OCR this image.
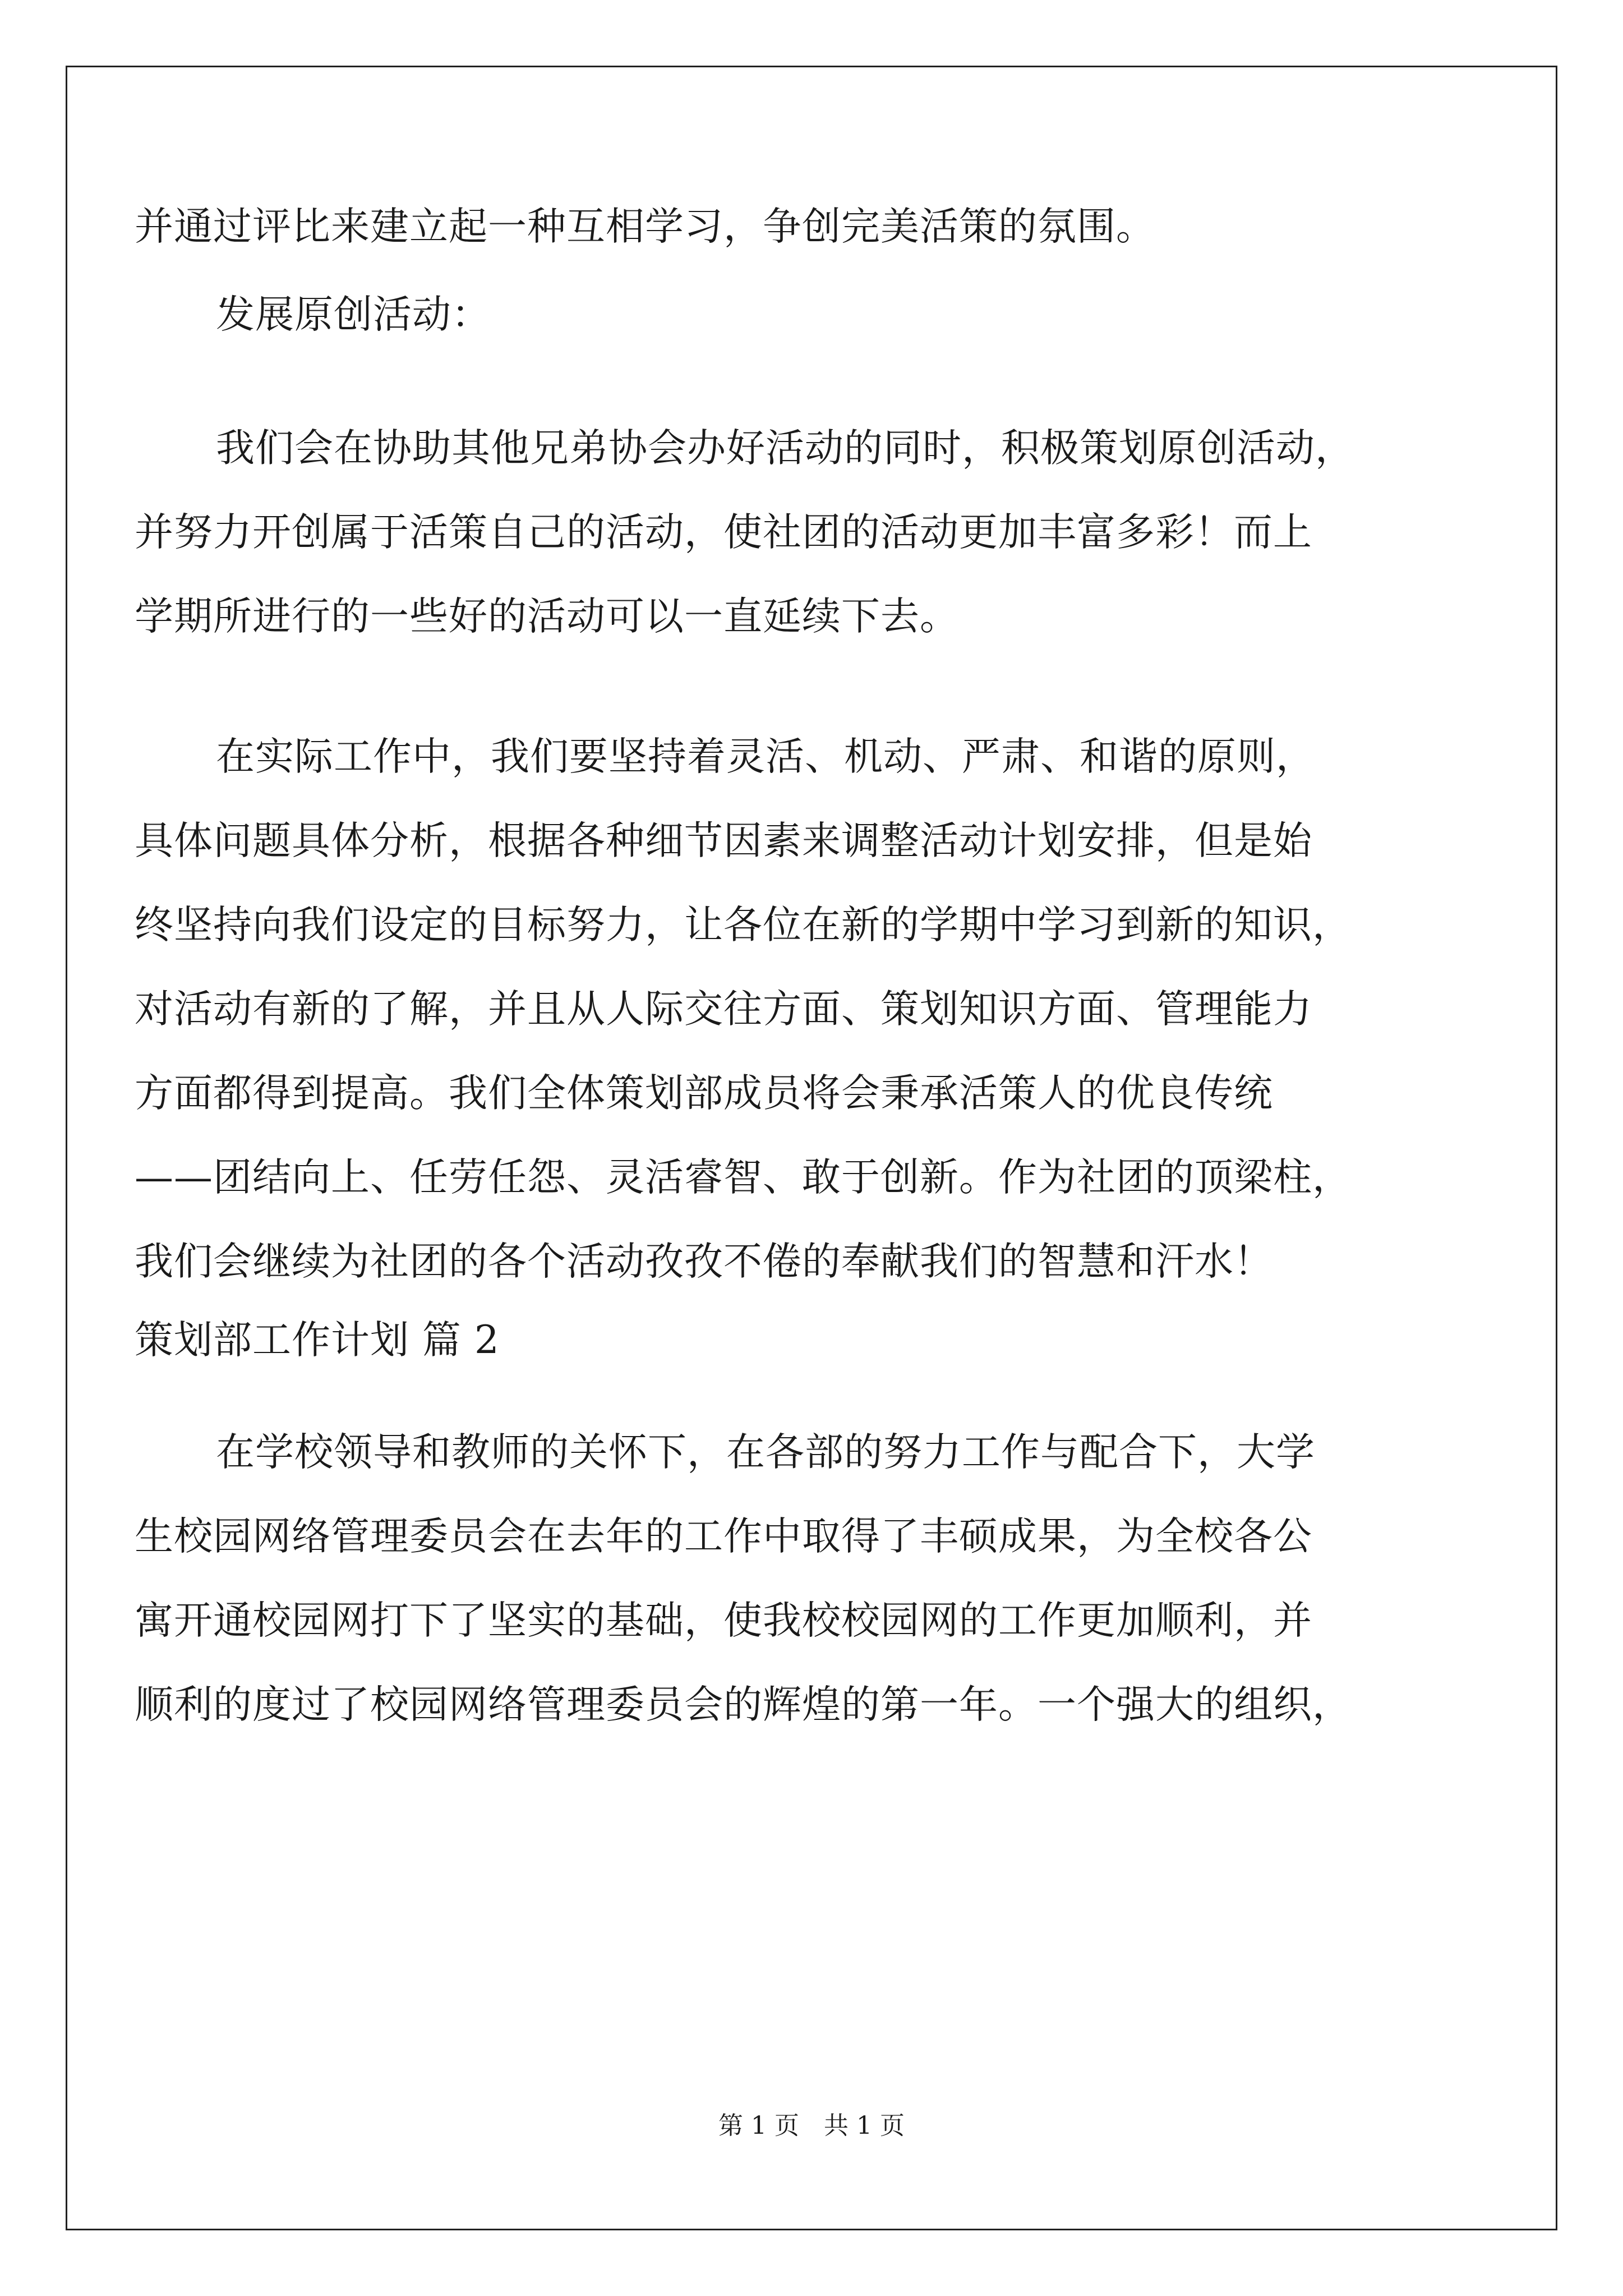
并通过评比来建立起一种互相学习，争创完美活策的氛围。
发展原创活动：
我们会在协助其他兄弟协会办好活动的同时，积极策划原创活动，
并努力开创属于活策自己的活动，使社团的活动更加丰富多彩！而上
学期所进行的一些好的活动可以一直延续下去。
在实际工作中，我们要坚持着灵活、机动、严肃、和谐的原则，
具体问题具体分析，根据各种细节因素来调整活动计划安排，但是始
终坚持向我们设定的目标努力，让各位在新的学期中学习到新的知识，
对活动有新的了解，并且从人际交往方面、策划知识方面、管理能力
方面都得到提高。我们全体策划部成员将会秉承活策人的优良传统
——团结向上、任劳任怨、灵活睿智、敢于创新。作为社团的顶梁柱，
我们会继续为社团的各个活动孜孜不倦的奉献我们的智慧和汗水！
策划部工作计划 篇 2
在学校领导和教师的关怀下，在各部的努力工作与配合下，大学
生校园网络管理委员会在去年的工作中取得了丰硕成果，为全校各公
寓开通校园网打下了坚实的基础，使我校校园网的工作更加顺利，并
顺利的度过了校园网络管理委员会的辉煌的第一年。一个强大的组织，
第 1 页　共 1 页
